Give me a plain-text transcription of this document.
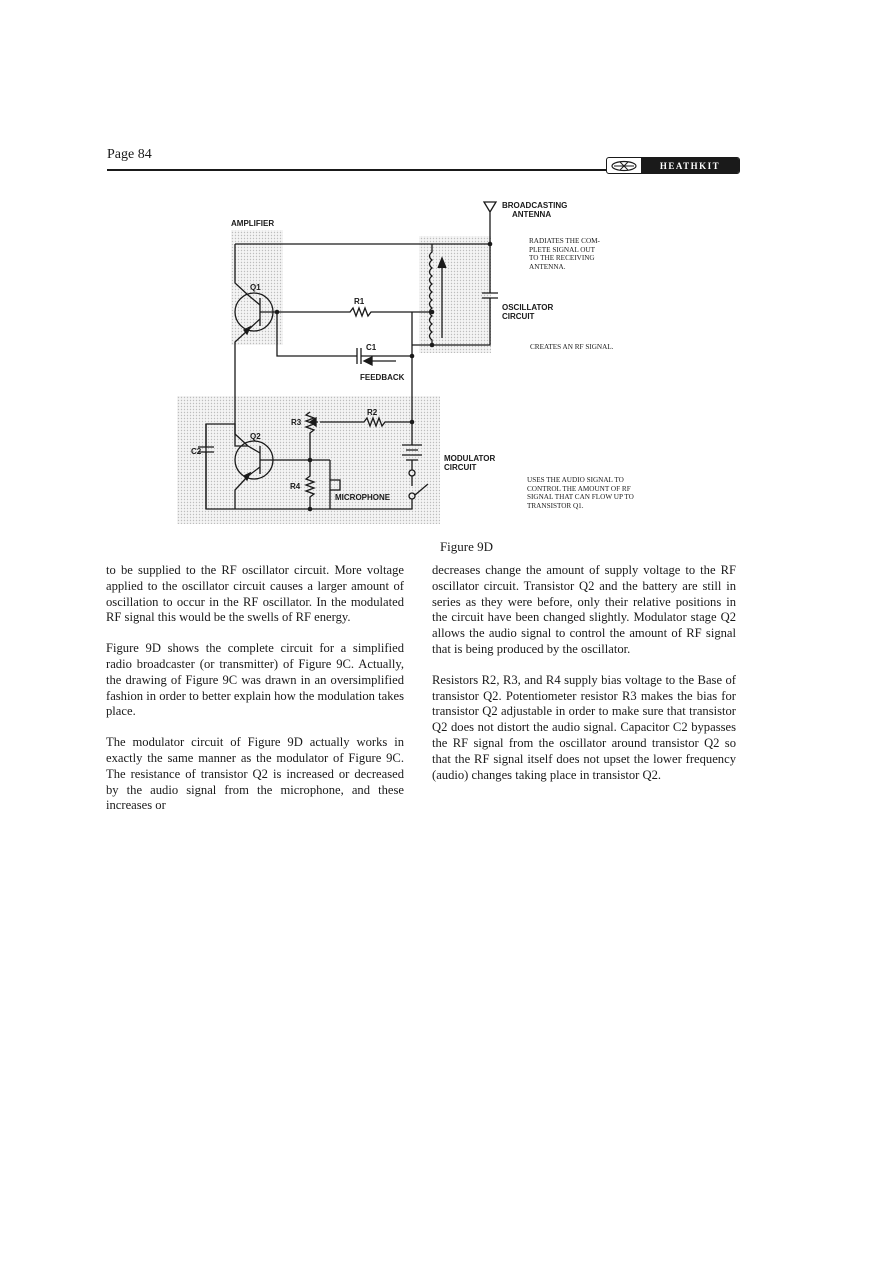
Page 84
HEATHKIT
AMPLIFIER
BROADCASTING
ANTENNA
RADIATES THE COM-
PLETE SIGNAL OUT
TO THE RECEIVING
ANTENNA.
OSCILLATOR
CIRCUIT
CREATES AN RF SIGNAL.
MODULATOR
CIRCUIT
USES THE AUDIO SIGNAL TO
CONTROL THE AMOUNT OF RF
SIGNAL THAT CAN FLOW UP TO
TRANSISTOR Q1.
FEEDBACK
MICROPHONE
Q1
Q2
R1
R2
R3
R4
C1
C2
Figure 9D

to be supplied to the RF oscillator circuit. More voltage applied to the oscillator circuit causes a larger amount of oscillation to occur in the RF oscillator. In the modulated RF signal this would be the swells of RF energy.

Figure 9D shows the complete circuit for a simplified radio broadcaster (or transmitter) of Figure 9C. Actually, the drawing of Figure 9C was drawn in an oversimplified fashion in order to better explain how the modulation takes place.

The modulator circuit of Figure 9D actually works in exactly the same manner as the modulator of Figure 9C. The resistance of transistor Q2 is increased or decreased by the audio signal from the microphone, and these increases or

decreases change the amount of supply voltage to the RF oscillator circuit. Transistor Q2 and the battery are still in series as they were before, only their relative positions in the circuit have been changed slightly. Modulator stage Q2 allows the audio signal to control the amount of RF signal that is being produced by the oscillator.

Resistors R2, R3, and R4 supply bias voltage to the Base of transistor Q2. Potentiometer resistor R3 makes the bias for transistor Q2 adjustable in order to make sure that transistor Q2 does not distort the audio signal. Capacitor C2 bypasses the RF signal from the oscillator around transistor Q2 so that the RF signal itself does not upset the lower frequency (audio) changes taking place in transistor Q2.
